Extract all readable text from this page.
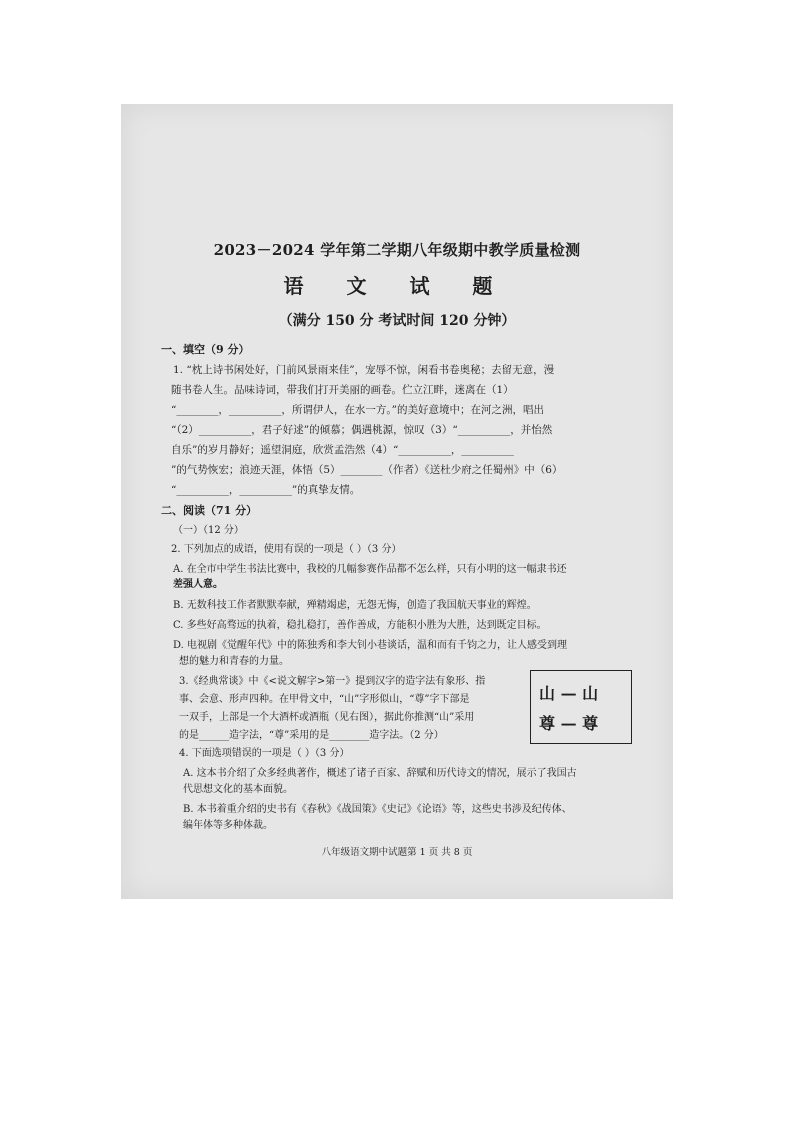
2023－2024 学年第二学期八年级期中教学质量检测
语 文 试 题
（满分 150 分 考试时间 120 分钟）
一、填空（9 分）
1. “枕上诗书闲处好，门前风景雨来佳”，宠辱不惊，闲看书卷奥秘；去留无意，漫
随书卷人生。品味诗词，带我们打开美丽的画卷。伫立江畔，迷离在（1）
“________，__________，所谓伊人，在水一方。”的美好意境中；在河之洲，唱出
“（2）__________，君子好逑”的倾慕；偶遇桃源，惊叹（3）“__________，并怡然
自乐”的岁月静好；遥望洞庭，欣赏孟浩然（4）“__________，__________
”的气势恢宏；浪迹天涯，体悟（5）________（作者）《送杜少府之任蜀州》中（6）
“__________，__________”的真挚友情。
二、阅读（71 分）
（一）（12 分）
2. 下列加点的成语，使用有误的一项是（ ）（3 分）
A. 在全市中学生书法比赛中，我校的几幅参赛作品都不怎么样，只有小明的这一幅隶书还
差强人意。
B. 无数科技工作者默默奉献，殚精竭虑，无怨无悔，创造了我国航天事业的辉煌。
C. 多些好高骛远的执着，稳扎稳打，善作善成，方能积小胜为大胜，达到既定目标。
D. 电视剧《觉醒年代》中的陈独秀和李大钊小巷谈话，温和而有千钧之力，让人感受到理
想的魅力和青春的力量。
3.《经典常谈》中《<说文解字>第一》提到汉字的造字法有象形、指
事、会意、形声四种。在甲骨文中，“山”字形似山，“尊”字下部是
一双手，上部是一个大酒杯或酒瓶（见右图），据此你推测“山”采用
的是______造字法，“尊”采用的是________造字法。（2 分）
山 — 山
尊 — 尊
4. 下面选项错误的一项是（ ）（3 分）
A. 这本书介绍了众多经典著作，概述了诸子百家、辞赋和历代诗文的情况，展示了我国古
代思想文化的基本面貌。
B. 本书着重介绍的史书有《春秋》《战国策》《史记》《论语》等，这些史书涉及纪传体、
编年体等多种体裁。
八年级语文期中试题第 1 页 共 8 页
